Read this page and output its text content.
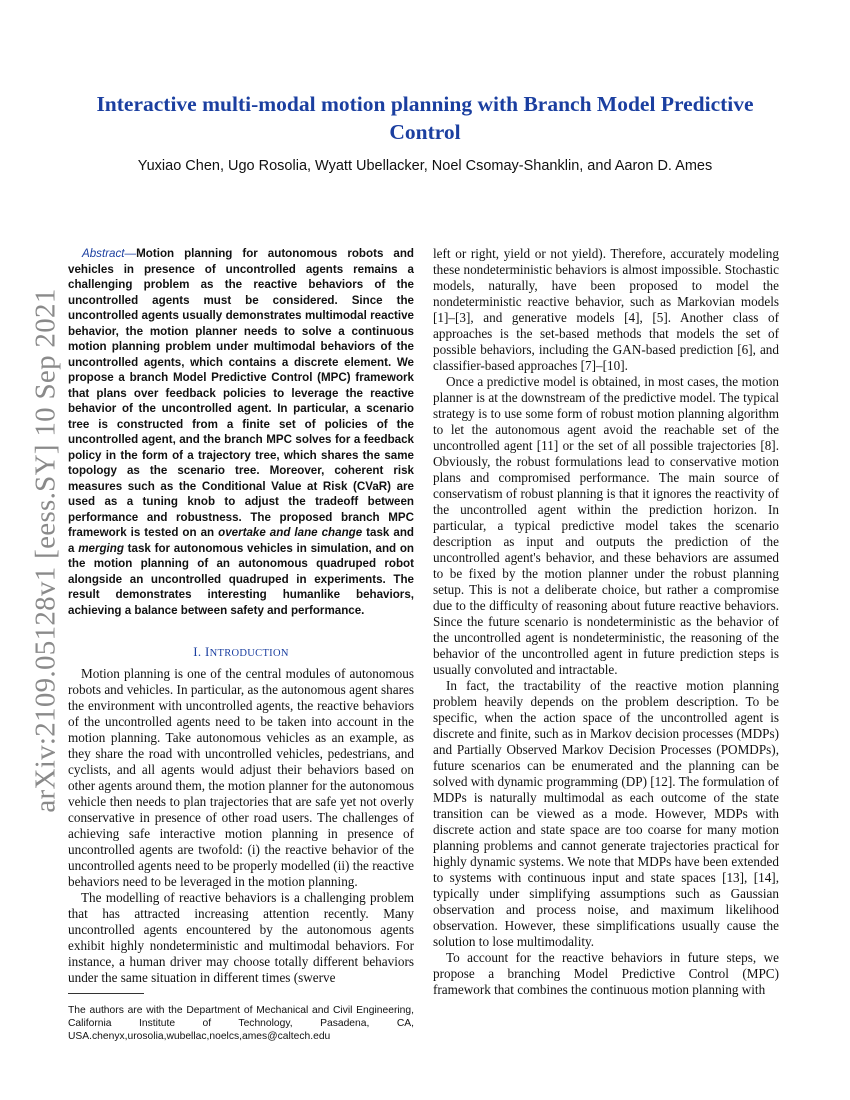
arXiv:2109.05128v1 [eess.SY] 10 Sep 2021
Interactive multi-modal motion planning with Branch Model Predictive Control
Yuxiao Chen, Ugo Rosolia, Wyatt Ubellacker, Noel Csomay-Shanklin, and Aaron D. Ames

Abstract—Motion planning for autonomous robots and vehicles in presence of uncontrolled agents remains a challenging problem as the reactive behaviors of the uncontrolled agents must be considered. Since the uncontrolled agents usually demonstrates multimodal reactive behavior, the motion planner needs to solve a continuous motion planning problem under multimodal behaviors of the uncontrolled agents, which contains a discrete element. We propose a branch Model Predictive Control (MPC) framework that plans over feedback policies to leverage the reactive behavior of the uncontrolled agent. In particular, a scenario tree is constructed from a finite set of policies of the uncontrolled agent, and the branch MPC solves for a feedback policy in the form of a trajectory tree, which shares the same topology as the scenario tree. Moreover, coherent risk measures such as the Conditional Value at Risk (CVaR) are used as a tuning knob to adjust the tradeoff between performance and robustness. The proposed branch MPC framework is tested on an overtake and lane change task and a merging task for autonomous vehicles in simulation, and on the motion planning of an autonomous quadruped robot alongside an uncontrolled quadruped in experiments. The result demonstrates interesting humanlike behaviors, achieving a balance between safety and performance.

I. INTRODUCTION

Motion planning is one of the central modules of autonomous robots and vehicles. In particular, as the autonomous agent shares the environment with uncontrolled agents, the reactive behaviors of the uncontrolled agents need to be taken into account in the motion planning. Take autonomous vehicles as an example, as they share the road with uncontrolled vehicles, pedestrians, and cyclists, and all agents would adjust their behaviors based on other agents around them, the motion planner for the autonomous vehicle then needs to plan trajectories that are safe yet not overly conservative in presence of other road users. The challenges of achieving safe interactive motion planning in presence of uncontrolled agents are twofold: (i) the reactive behavior of the uncontrolled agents need to be properly modelled (ii) the reactive behaviors need to be leveraged in the motion planning.

The modelling of reactive behaviors is a challenging problem that has attracted increasing attention recently. Many uncontrolled agents encountered by the autonomous agents exhibit highly nondeterministic and multimodal behaviors. For instance, a human driver may choose totally different behaviors under the same situation in different times (swerve

left or right, yield or not yield). Therefore, accurately modeling these nondeterministic behaviors is almost impossible. Stochastic models, naturally, have been proposed to model the nondeterministic reactive behavior, such as Markovian models [1]–[3], and generative models [4], [5]. Another class of approaches is the set-based methods that models the set of possible behaviors, including the GAN-based prediction [6], and classifier-based approaches [7]–[10].

Once a predictive model is obtained, in most cases, the motion planner is at the downstream of the predictive model. The typical strategy is to use some form of robust motion planning algorithm to let the autonomous agent avoid the reachable set of the uncontrolled agent [11] or the set of all possible trajectories [8]. Obviously, the robust formulations lead to conservative motion plans and compromised performance. The main source of conservatism of robust planning is that it ignores the reactivity of the uncontrolled agent within the prediction horizon. In particular, a typical predictive model takes the scenario description as input and outputs the prediction of the uncontrolled agent's behavior, and these behaviors are assumed to be fixed by the motion planner under the robust planning setup. This is not a deliberate choice, but rather a compromise due to the difficulty of reasoning about future reactive behaviors. Since the future scenario is nondeterministic as the behavior of the uncontrolled agent is nondeterministic, the reasoning of the behavior of the uncontrolled agent in future prediction steps is usually convoluted and intractable.

In fact, the tractability of the reactive motion planning problem heavily depends on the problem description. To be specific, when the action space of the uncontrolled agent is discrete and finite, such as in Markov decision processes (MDPs) and Partially Observed Markov Decision Processes (POMDPs), future scenarios can be enumerated and the planning can be solved with dynamic programming (DP) [12]. The formulation of MDPs is naturally multimodal as each outcome of the state transition can be viewed as a mode. However, MDPs with discrete action and state space are too coarse for many motion planning problems and cannot generate trajectories practical for highly dynamic systems. We note that MDPs have been extended to systems with continuous input and state spaces [13], [14], typically under simplifying assumptions such as Gaussian observation and process noise, and maximum likelihood observation. However, these simplifications usually cause the solution to lose multimodality.

To account for the reactive behaviors in future steps, we propose a branching Model Predictive Control (MPC) framework that combines the continuous motion planning with

The authors are with the Department of Mechanical and Civil Engineering, California Institute of Technology, Pasadena, CA, USA.chenyx,urosolia,wubellac,noelcs,ames@caltech.edu
